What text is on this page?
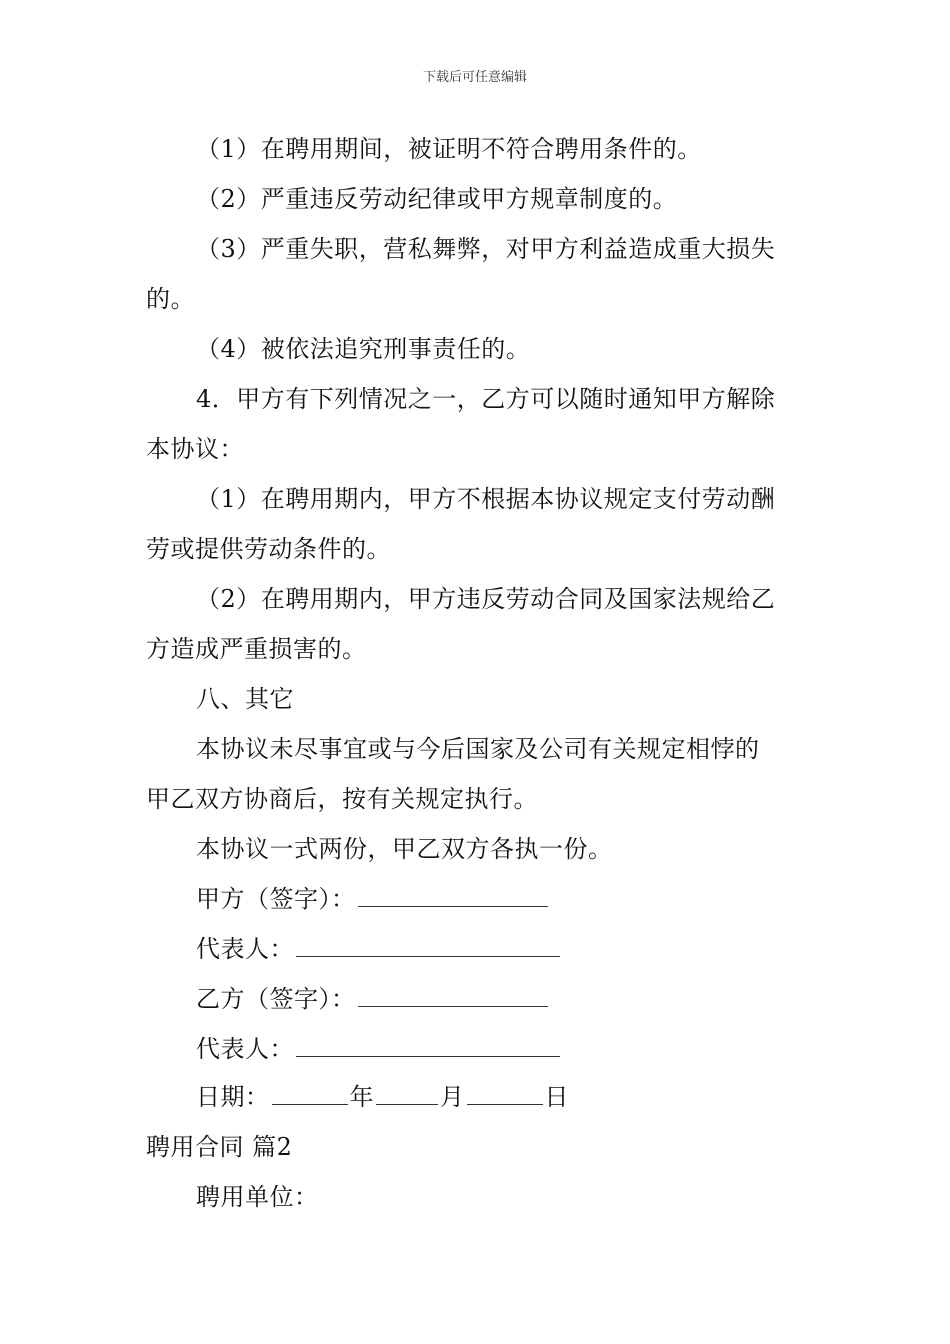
下载后可任意编辑
（1）在聘用期间，被证明不符合聘用条件的。
（2）严重违反劳动纪律或甲方规章制度的。
（3）严重失职，营私舞弊，对甲方利益造成重大损失
的。
（4）被依法追究刑事责任的。
4．甲方有下列情况之一，乙方可以随时通知甲方解除
本协议：
（1）在聘用期内，甲方不根据本协议规定支付劳动酬
劳或提供劳动条件的。
（2）在聘用期内，甲方违反劳动合同及国家法规给乙
方造成严重损害的。
八、其它
本协议未尽事宜或与今后国家及公司有关规定相悖的
甲乙双方协商后，按有关规定执行。
本协议一式两份，甲乙双方各执一份。
甲方（签字）：
代表人：
乙方（签字）：
代表人：
日期：	年	月	日
聘用合同 篇2
聘用单位：
